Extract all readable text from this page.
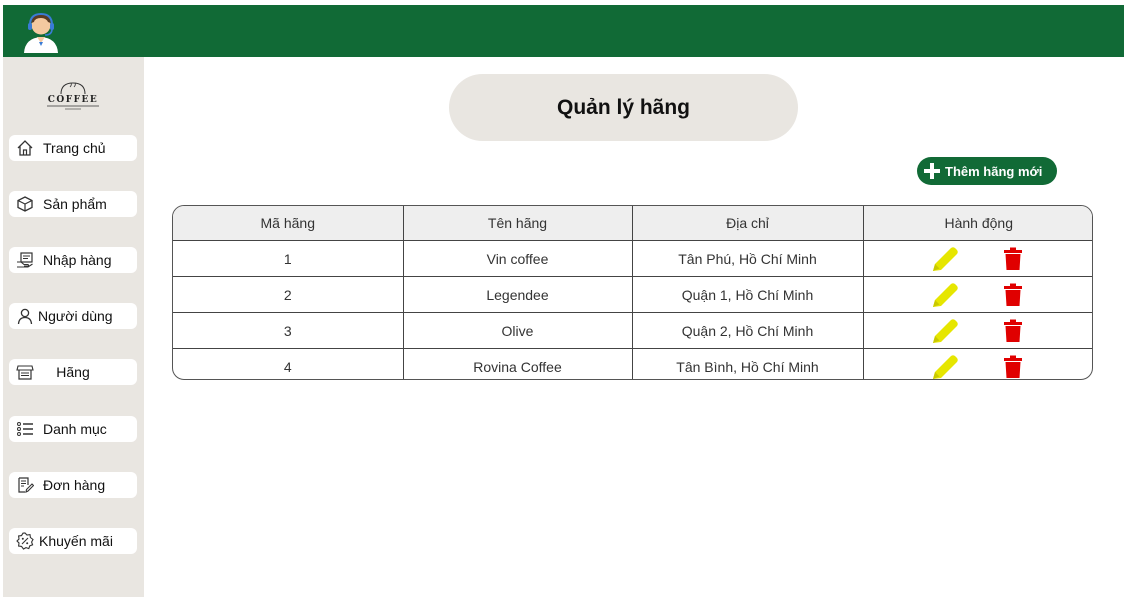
COFFEE
Trang chủ
Sản phẩm
Nhập hàng
Người dùng
Hãng
Danh mục
Đơn hàng
Khuyến mãi
Quản lý hãng
Thêm hãng mới
Mã hãng	Tên hãng	Địa chỉ	Hành động
1	Vin coffee	Tân Phú, Hồ Chí Minh	

2	Legendee	Quận 1, Hồ Chí Minh	

3	Olive	Quận 2, Hồ Chí Minh	

4	Rovina Coffee	Tân Bình, Hồ Chí Minh	
